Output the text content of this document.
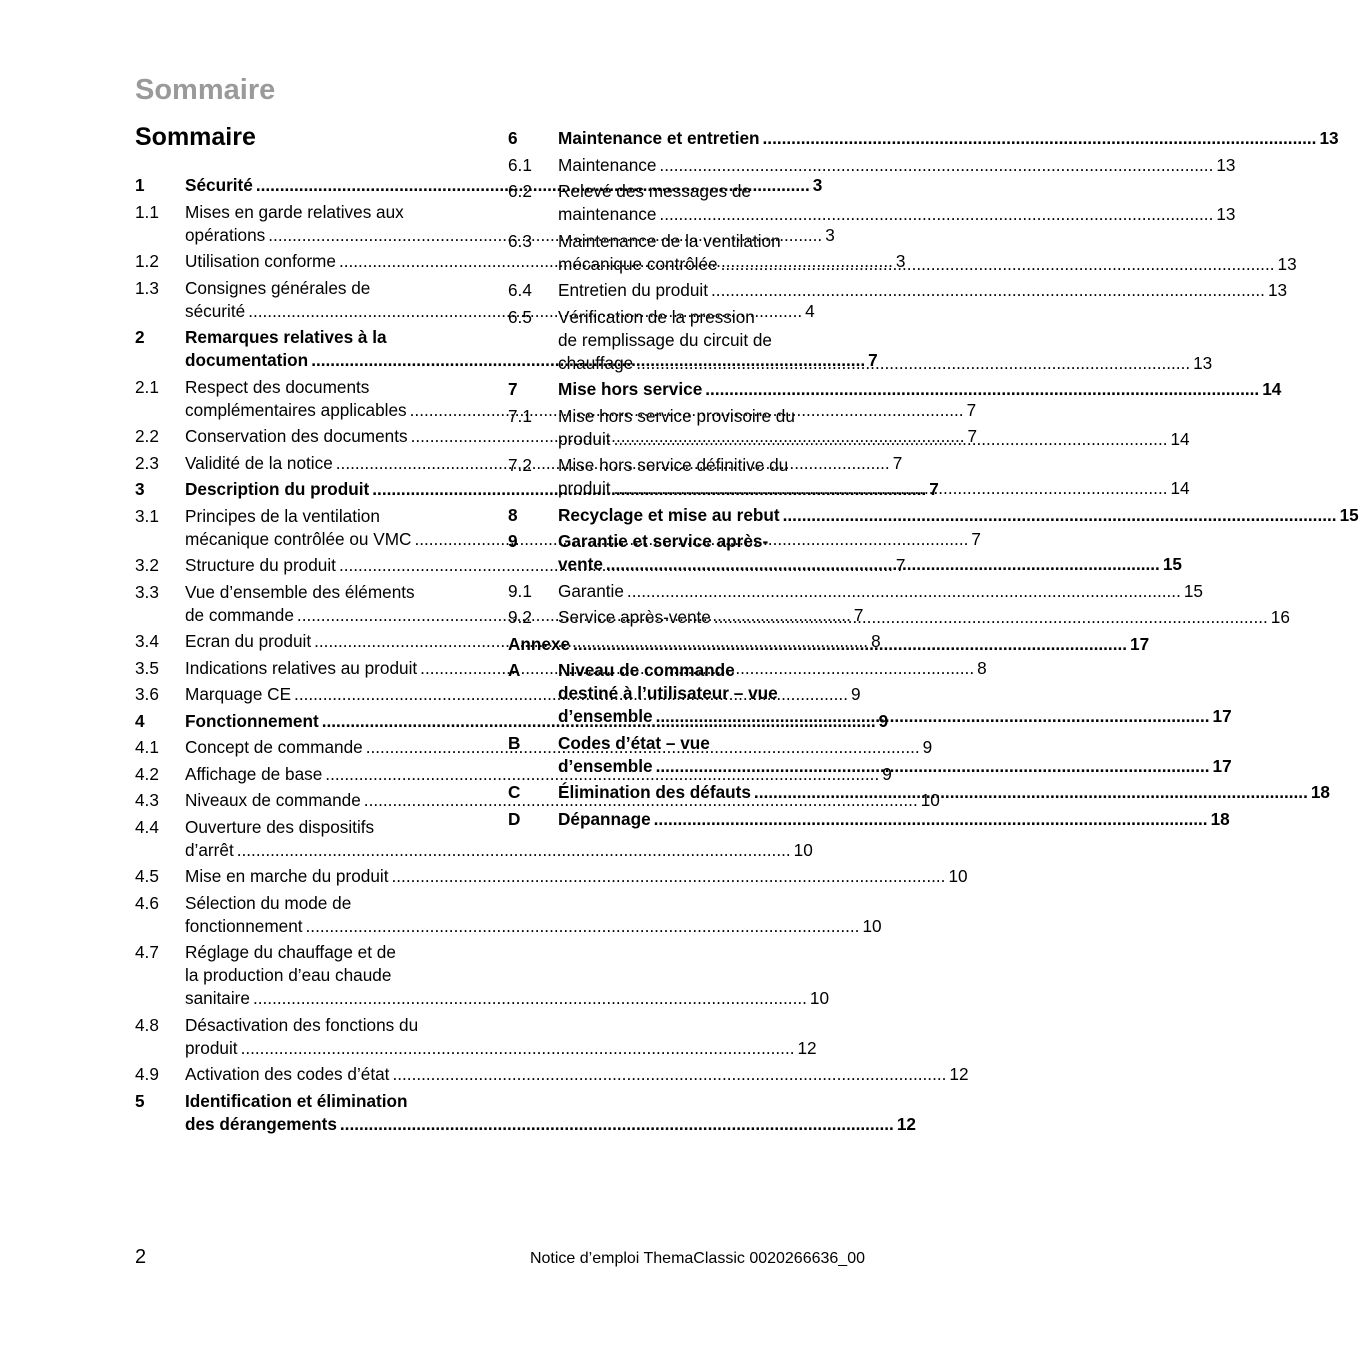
Sommaire
Sommaire
1	Sécurité .....	3
1.1	Mises en garde relatives aux
opérations .....	3
1.2	Utilisation conforme .....	3
1.3	Consignes générales de
sécurité .....	4
2	Remarques relatives à la
documentation .....	7
2.1	Respect des documents
complémentaires applicables .....	7
2.2	Conservation des documents .....	7
2.3	Validité de la notice .....	7
3	Description du produit .....	7
3.1	Principes de la ventilation
mécanique contrôlée ou VMC .....	7
3.2	Structure du produit .....	7
3.3	Vue d’ensemble des éléments
de commande .....	7
3.4	Ecran du produit .....	8
3.5	Indications relatives au produit .....	8
3.6	Marquage CE .....	9
4	Fonctionnement .....	9
4.1	Concept de commande .....	9
4.2	Affichage de base .....	9
4.3	Niveaux de commande .....	10
4.4	Ouverture des dispositifs
d’arrêt .....	10
4.5	Mise en marche du produit .....	10
4.6	Sélection du mode de
fonctionnement .....	10
4.7	Réglage du chauffage et de
la production d’eau chaude
sanitaire .....	10
4.8	Désactivation des fonctions du
produit .....	12
4.9	Activation des codes d’état .....	12
5	Identification et élimination
des dérangements .....	12
6	Maintenance et entretien .....	13
6.1	Maintenance .....	13
6.2	Relevé des messages de
maintenance .....	13
6.3	Maintenance de la ventilation
mécanique contrôlée .....	13
6.4	Entretien du produit .....	13
6.5	Vérification de la pression
de remplissage du circuit de
chauffage .....	13
7	Mise hors service .....	14
7.1	Mise hors service provisoire du
produit .....	14
7.2	Mise hors service définitive du
produit .....	14
8	Recyclage et mise au rebut .....	15
9	Garantie et service après-
vente .....	15
9.1	Garantie .....	15
9.2	Service après-vente .....	16
Annexe .....	17
A	Niveau de commande
destiné à l’utilisateur – vue
d’ensemble .....	17
B	Codes d’état – vue
d’ensemble .....	17
C	Élimination des défauts .....	18
D	Dépannage .....	18
2	Notice d’emploi ThemaClassic 0020266636_00
